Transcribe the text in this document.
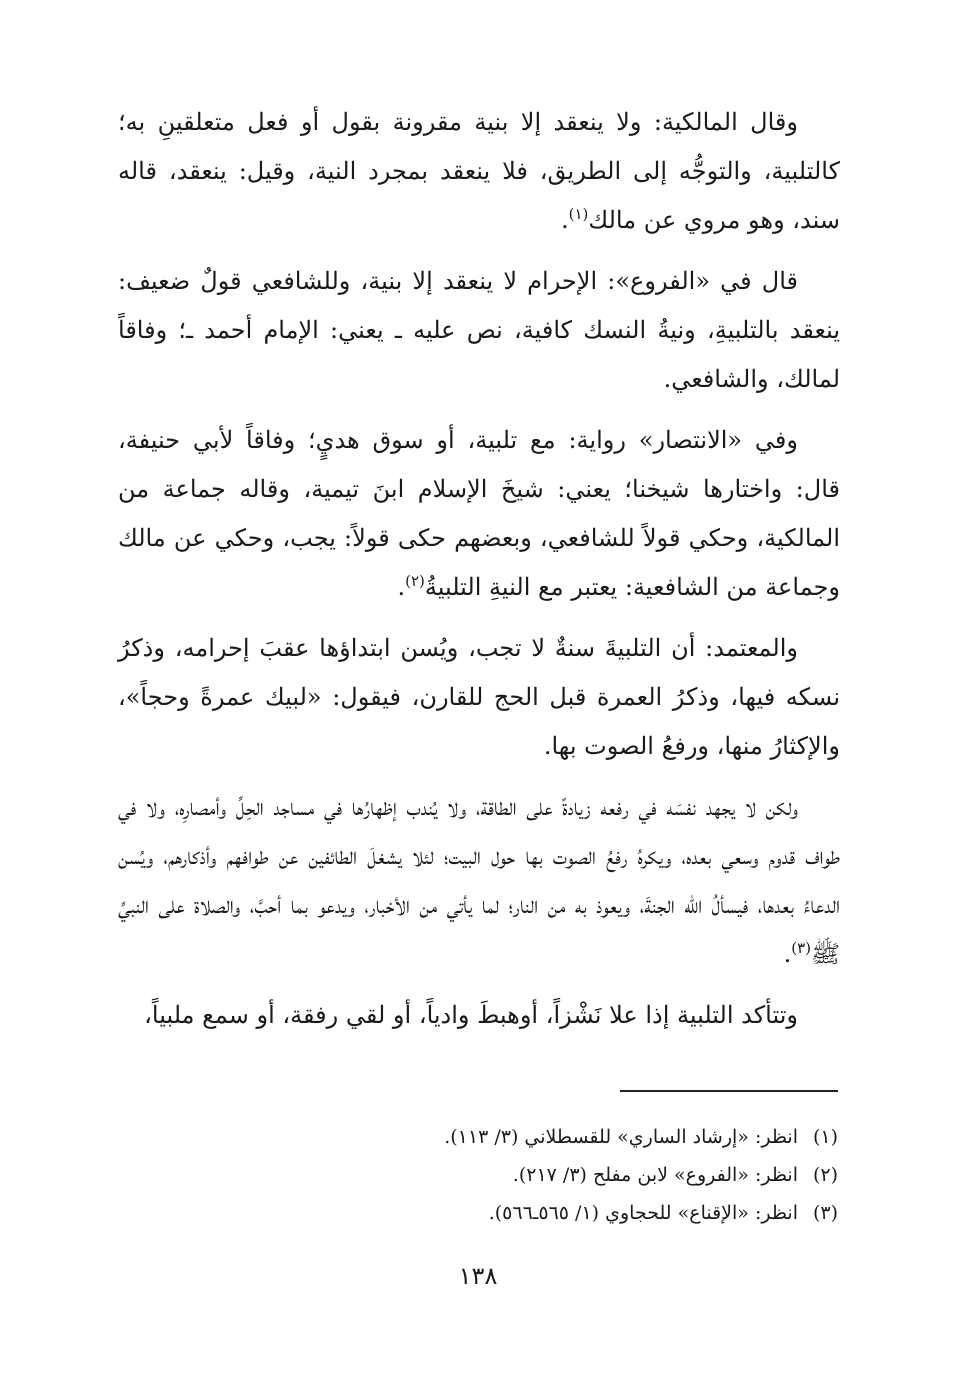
وقال المالكية: ولا ينعقد إلا بنية مقرونة بقول أو فعل متعلقينِ به؛ كالتلبية، والتوجُّه إلى الطريق، فلا ينعقد بمجرد النية، وقيل: ينعقد، قاله سند، وهو مروي عن مالك$^{(١)}$.

قال في «الفروع»: الإحرام لا ينعقد إلا بنية، وللشافعي قولٌ ضعيف: ينعقد بالتلبيةِ، ونيةُ النسك كافية، نص عليه ـ يعني: الإمام أحمد ـ؛ وفاقاً لمالك، والشافعي.

وفي «الانتصار» رواية: مع تلبية، أو سوق هديٍ؛ وفاقاً لأبي حنيفة، قال: واختارها شيخنا؛ يعني: شيخَ الإسلام ابنَ تيمية، وقاله جماعة من المالكية، وحكي قولاً للشافعي، وبعضهم حكى قولاً: يجب، وحكي عن مالك وجماعة من الشافعية: يعتبر مع النيةِ التلبيةُ$^{(٢)}$.

والمعتمد: أن التلبيةَ سنةٌ لا تجب، ويُسن ابتداؤها عقبَ إحرامه، وذكرُ نسكه فيها، وذكرُ العمرة قبل الحج للقارن، فيقول: «لبيك عمرةً وحجاً»، والإكثارُ منها، ورفعُ الصوت بها.

ولكن لا يجهد نفسَه في رفعه زيادةً على الطاقة، ولا يُندب إظهارُها في مساجد الحِلِّ وأمصارِه، ولا في طواف قدوم وسعي بعده، ويكرهُ رفعُ الصوت بها حول البيت؛ لئلا يشغلَ الطائفين عن طوافهم وأذكارهم، ويُسن الدعاءُ بعدها، فيسألُ الله الجنةَ، ويعوذ به من النار؛ لما يأتي من الأخبار، ويدعو بما أحبَّ، والصلاة على النبيِّ ﷺ$^{(٣)}$.

وتتأكد التلبية إذا علا نَشْزاً، أوهبطَ وادياً، أو لقي رفقة، أو سمع ملبياً،

(١)
انظر: «إرشاد الساري» للقسطلاني (٣/ ١١٣).
(٢)
انظر: «الفروع» لابن مفلح (٣/ ٢١٧).
(٣)
انظر: «الإقناع» للحجاوي (١/ ٥٦٥ـ٥٦٦).
١٣٨
